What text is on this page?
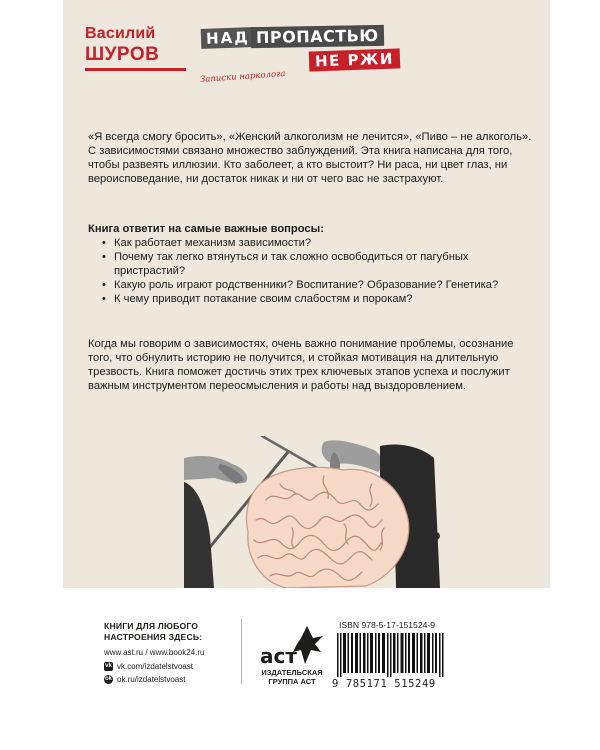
Василий
ШУРОВ
НАД ПРОПАСТЬЮ
НЕ РЖИ
Записки нарколога
«Я всегда смогу бросить», «Женский алкоголизм не лечится», «Пиво – не алкоголь». С зависимостями связано множество заблуждений. Эта книга написана для того, чтобы развеять иллюзии. Кто заболеет, а кто выстоит? Ни раса, ни цвет глаз, ни вероисповедание, ни достаток никак и ни от чего вас не застрахуют.
Книга ответит на самые важные вопросы:
• Как работает механизм зависимости?
• Почему так легко втянуться и так сложно освободиться от пагубных пристрастий?
• Какую роль играют родственники? Воспитание? Образование? Генетика?
• К чему приводит потакание своим слабостям и порокам?
Когда мы говорим о зависимостях, очень важно понимание проблемы, осознание того, что обнулить историю не получится, и стойкая мотивация на длительную трезвость. Книга поможет достичь этих трех ключевых этапов успеха и послужит важным инструментом переосмысления и работы над выздоровлением.
КНИГИ ДЛЯ ЛЮБОГО
НАСТРОЕНИЯ ЗДЕСЬ:
www.ast.ru / www.book24.ru
vk vk.com/izdatelstvoast
ok ok.ru/izdatelstvoast
аст
ИЗДАТЕЛЬСКАЯ
ГРУППА АСТ
ISBN 978-5-17-151524-9
9 785171 515249
